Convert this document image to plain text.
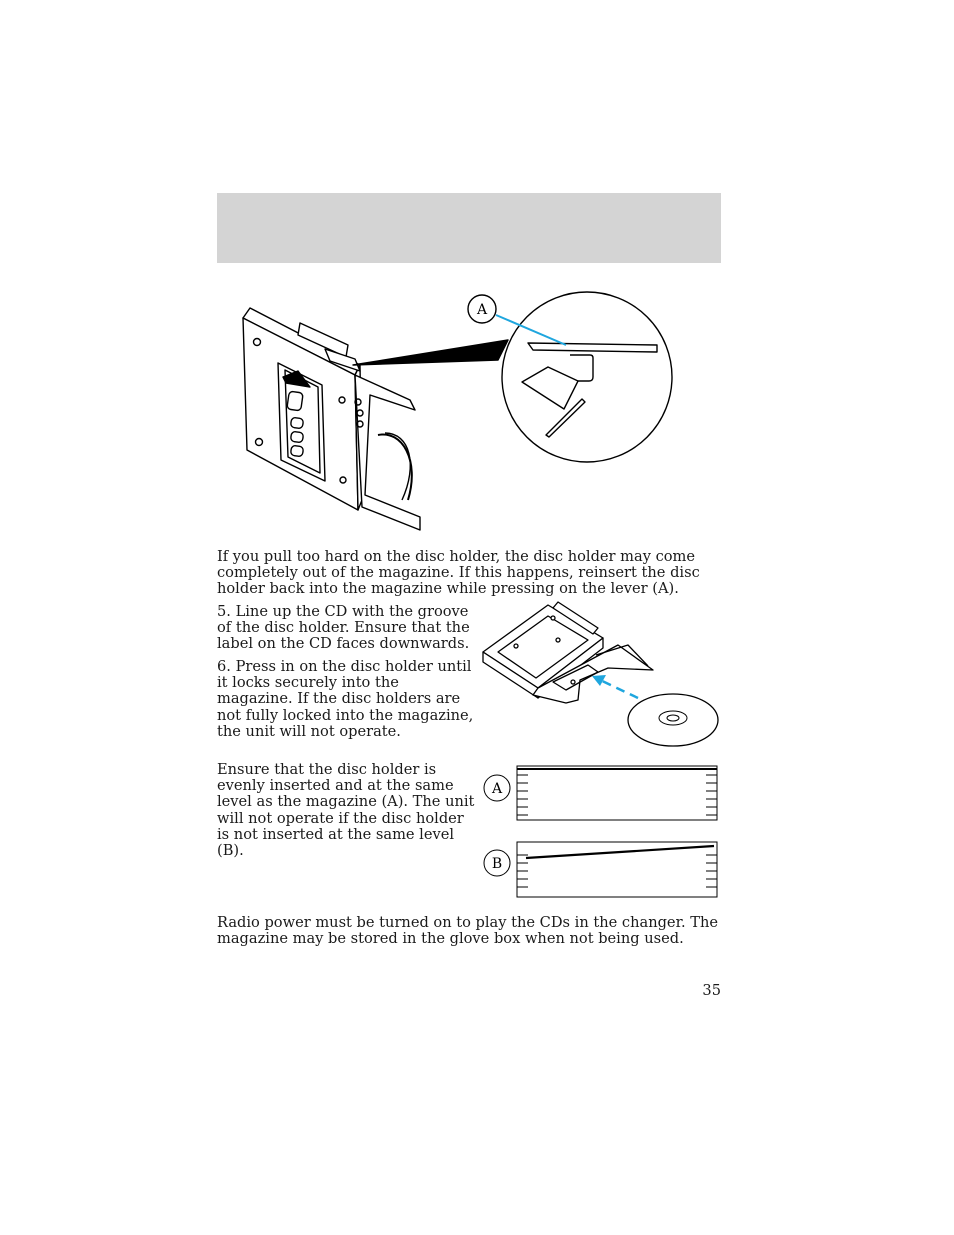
A

If you pull too hard on the disc holder, the disc holder may come completely out of the magazine. If this happens, reinsert the disc holder back into the magazine while pressing on the lever (A).

5. Line up the CD with the groove of the disc holder. Ensure that the label on the CD faces downwards.

6. Press in on the disc holder until it locks securely into the magazine. If the disc holders are not fully locked into the magazine, the unit will not operate.

Ensure that the disc holder is evenly inserted and at the same level as the magazine (A). The unit will not operate if the disc holder is not inserted at the same level (B).

A
B

Radio power must be turned on to play the CDs in the changer. The magazine may be stored in the glove box when not being used.

35
